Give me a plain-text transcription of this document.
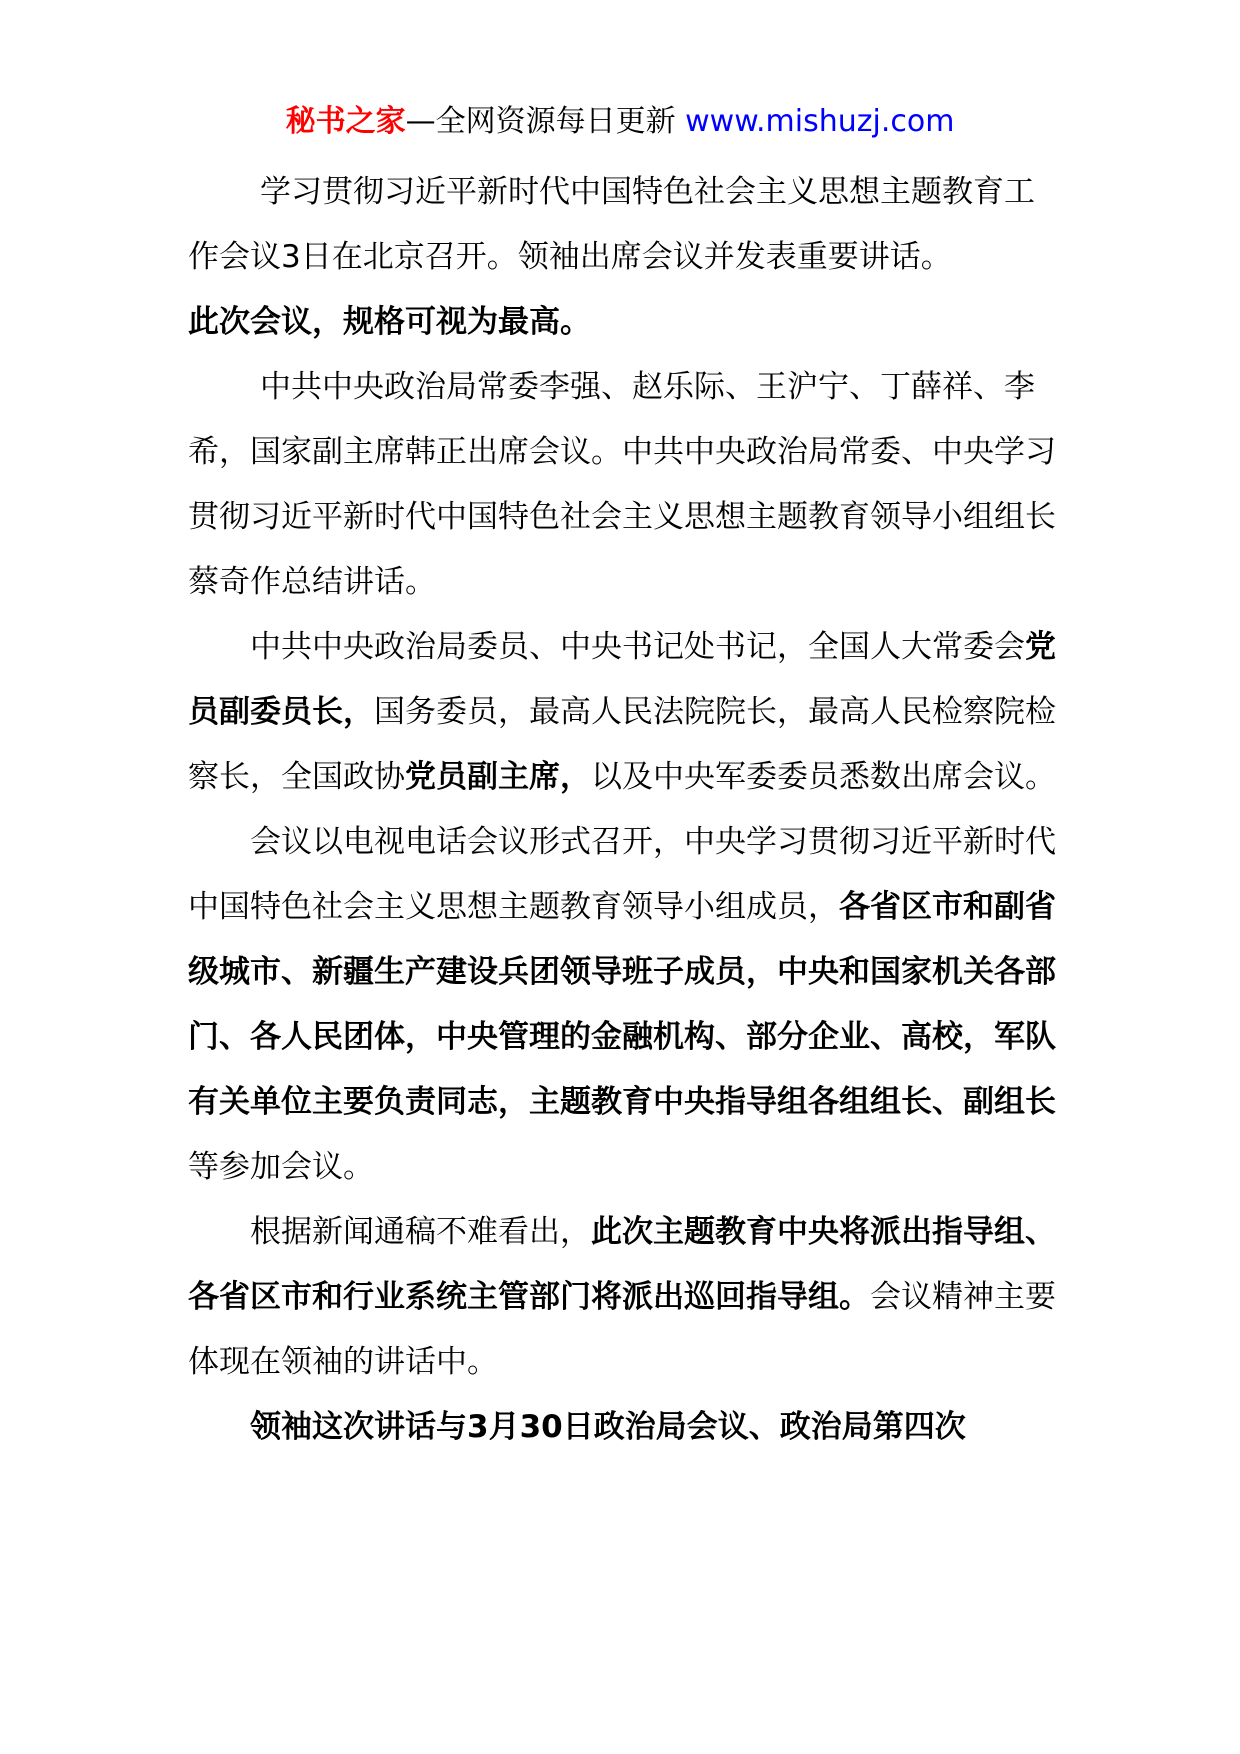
秘书之家—全网资源每日更新 www.mishuzj.com

学习贯彻习近平新时代中国特色社会主义思想主题教育工作会议3日在北京召开。领袖出席会议并发表重要讲话。

此次会议，规格可视为最高。

中共中央政治局常委李强、赵乐际、王沪宁、丁薛祥、李希，国家副主席韩正出席会议。中共中央政治局常委、中央学习贯彻习近平新时代中国特色社会主义思想主题教育领导小组组长蔡奇作总结讲话。

中共中央政治局委员、中央书记处书记，全国人大常委会党员副委员长，国务委员，最高人民法院院长，最高人民检察院检察长，全国政协党员副主席，以及中央军委委员悉数出席会议。

会议以电视电话会议形式召开，中央学习贯彻习近平新时代中国特色社会主义思想主题教育领导小组成员，各省区市和副省级城市、新疆生产建设兵团领导班子成员，中央和国家机关各部门、各人民团体，中央管理的金融机构、部分企业、高校，军队有关单位主要负责同志，主题教育中央指导组各组组长、副组长等参加会议。

根据新闻通稿不难看出，此次主题教育中央将派出指导组、各省区市和行业系统主管部门将派出巡回指导组。会议精神主要体现在领袖的讲话中。

领袖这次讲话与3月30日政治局会议、政治局第四次
